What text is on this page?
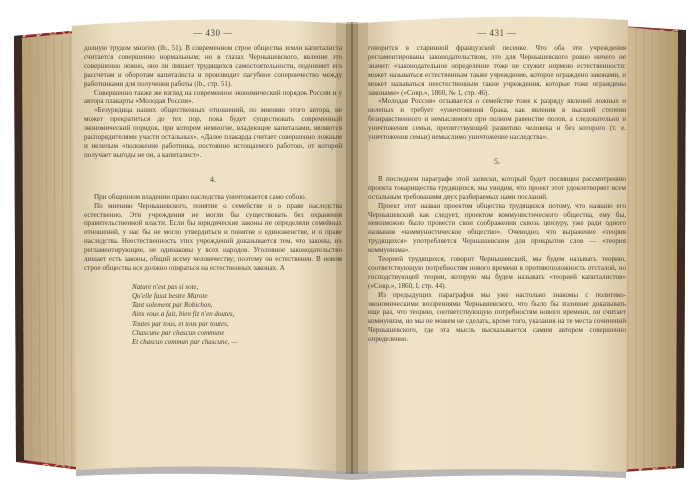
— 430 —

долную трудом многих (ib., 51). В современном строе общества земли капиталиста считается совершенно нормальным; но в глазах Чернышевского, явление это совершенно ложно, оно ли лишает трудящихся самостоятельности, подчиняет его рассчетам и оборотам капиталиста и производит пагубное соперничество между работниками для получения работы (ib., стр. 51).

Совершенно также же взгляд на современное экономический порядок России и у автора плакарты «Молодая Россия».

«Безурядица наших общественных отношений, по мнению этого автора, не может прекратиться до тех пор, пока будет существовать современный экономический порядок, при котором немногие, владеющие капиталами, являются распорядителями участи остальных». «Далее плакарда считает совершенно ложным и нелепым «положение работника, постоянно истощаемого работою, от которой получает выгоды не он, а капиталист».

4.

При общинном владении право наследства уничтожается само собою.

По мнению Чернышевского, понятие о семействе и о праве наследства естественно. Эти учреждения не могли бы существовать без охранения правительственной власти. Если бы юридические законы не определяли семейных отношений, у нас бы не могло утвердиться и понятие о единоженстве, и о праве наследства. Неестественность этих учреждений доказывается тем, что законы, их регламентирующие, не одинаковы у всех народов. Уголовное законодательство лишает есть законы, общий всему человечеству; поэтому он естественен. В новом строе общества все должно опираться на естественных законах. А

Nature n'est pas si sote,
Qu'elle fasst bestre Marote
Tant solement par Robichon,
Ains vous a fait, bien fiz n'en doutes,
Toutes par tous, et tous par toutes,
Chascune par chascun commune
Et chascun commun par chascune, —
— 431 —

говорится в старинной французской песенке. Что оба эти учреждения регламентированы законодательством, это для Чернышевского ровно ничего не значит: «законодательное определение тоже не служит нормою естественности: может называться естественным также учреждение, которое ограждено законами, и может называться неестественным такие учреждения, которые тоже ограждены законами» («Совр.», 1860, № 1, стр. 46).

«Молодая Россия» отзывается о семействе тоже к разряду явлений ложных и нелепых и требует «уничтожения брака, как явления в высшей степени безнравственного и немыслимого при полном равенстве полов, а следовательно и уничтожения семьи, препятствующей развитию человека и без которого (т. е. уничтожения семьи) немыслимо уничтожение наследства».

5.

В последнем параграфе этой записки, который будет посвящен рассмотрению проекта товарищества трудящихся, мы увидим, что проект этот удовлетворяет всем остальным требованиям двух разбираемых нами посланий.

Проект этот назван проектом общества трудящихся потому, что названо его Чернышевский как следует, проектом коммунистического общества, ему бы, невозможно было провести свои соображения сквозь цензуру, уже ради одного названия «коммунистическое общество». Очевидно, что выражение «теория трудящихся» употребляется Чернышевским для прикрытия слов — «теория коммунизма».

Теорией трудящихся, говорит Чернышевский, мы будем называть теорию, соответствующую потребностям нового времени в противоположность отсталой, но господствующей теории, которую мы будем называть «теорией капиталистов» («Совр.», 1860, I, стр. 44).

Из предыдущих параграфов мы уже настолько знакомы с политико-экономическими воззрениями Чернышевского, что было бы излишне доказывать еще раз, что теорию, соответствующую потребностям нового времени, он считает коммунизм, но мы не можем не сделать, кроме того, указания на те места сочинений Чернышевского, где эта мысль высказывается самим автором совершенно определенно.
